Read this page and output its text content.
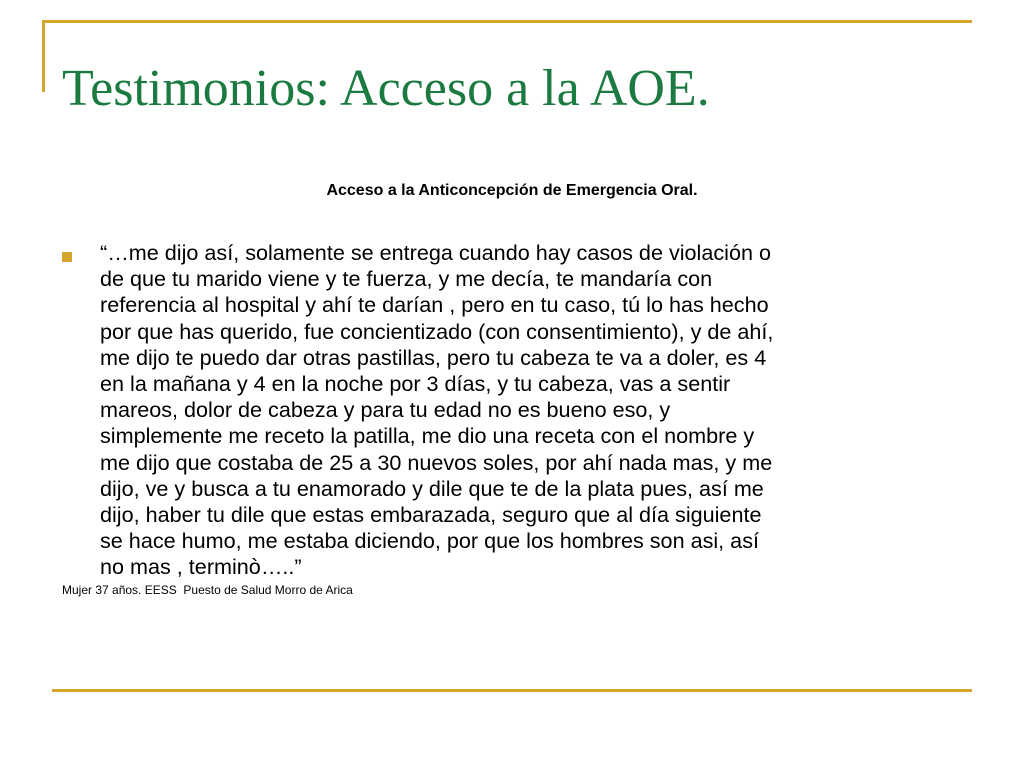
Testimonios: Acceso a la AOE.
Acceso a la Anticoncepción de Emergencia Oral.

“…me dijo así, solamente se entrega cuando hay casos de violación o
de que tu marido viene y te fuerza, y me decía, te mandaría con
referencia al hospital y ahí te darían , pero en tu caso, tú lo has hecho
por que has querido, fue concientizado (con consentimiento), y de ahí,
me dijo te puedo dar otras pastillas, pero tu cabeza te va a doler, es 4
en la mañana y 4 en la noche por 3 días, y tu cabeza, vas a sentir
mareos, dolor de cabeza y para tu edad no es bueno eso, y
simplemente me receto la patilla, me dio una receta con el nombre y
me dijo que costaba de 25 a 30 nuevos soles, por ahí nada mas, y me
dijo, ve y busca a tu enamorado y dile que te de la plata pues, así me
dijo, haber tu dile que estas embarazada, seguro que al día siguiente
se hace humo, me estaba diciendo, por que los hombres son asi, así
no mas , terminò…..”

Mujer 37 años. EESS  Puesto de Salud Morro de Arica
